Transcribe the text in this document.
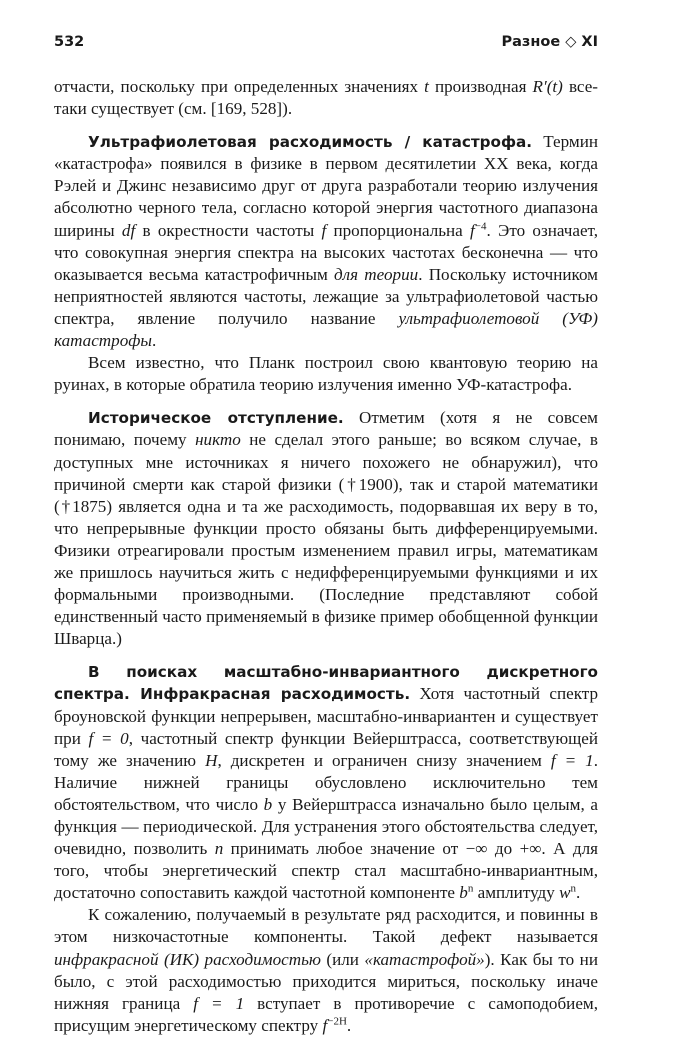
532	Разное ◇ XI

отчасти, поскольку при определенных значениях t производная R′(t) все-таки существует (см. [169, 528]).

Ультрафиолетовая расходимость / катастрофа. Термин «катастрофа» появился в физике в первом десятилетии XX века, когда Рэлей и Джинс независимо друг от друга разработали теорию излучения абсолютно черного тела, согласно которой энергия частотного диапазона ширины df в окрестности частоты f пропорциональна $f^{-4}$. Это означает, что совокупная энергия спектра на высоких частотах бесконечна — что оказывается весьма катастрофичным для теории. Поскольку источником неприятностей являются частоты, лежащие за ультрафиолетовой частью спектра, явление получило название ультрафиолетовой (УФ) катастрофы.

Всем известно, что Планк построил свою квантовую теорию на руинах, в которые обратила теорию излучения именно УФ-катастрофа.

Историческое отступление. Отметим (хотя я не совсем понимаю, почему никто не сделал этого раньше; во всяком случае, в доступных мне источниках я ничего похожего не обнаружил), что причиной смерти как старой физики (†1900), так и старой математики (†1875) является одна и та же расходимость, подорвавшая их веру в то, что непрерывные функции просто обязаны быть дифференцируемыми. Физики отреагировали простым изменением правил игры, математикам же пришлось научиться жить с недифференцируемыми функциями и их формальными производными. (Последние представляют собой единственный часто применяемый в физике пример обобщенной функции Шварца.)

В поисках масштабно-инвариантного дискретного спектра. Инфракрасная расходимость. Хотя частотный спектр броуновской функции непрерывен, масштабно-инвариантен и существует при f = 0, частотный спектр функции Вейерштрасса, соответствующей тому же значению H, дискретен и ограничен снизу значением f = 1. Наличие нижней границы обусловлено исключительно тем обстоятельством, что число b у Вейерштрасса изначально было целым, а функция — периодической. Для устранения этого обстоятельства следует, очевидно, позволить n принимать любое значение от −∞ до +∞. А для того, чтобы энергетический спектр стал масштабно-инвариантным, достаточно сопоставить каждой частотной компоненте $b^n$ амплитуду $w^n$.

К сожалению, получаемый в результате ряд расходится, и повинны в этом низкочастотные компоненты. Такой дефект называется инфракрасной (ИК) расходимостью (или «катастрофой»). Как бы то ни было, с этой расходимостью приходится мириться, поскольку иначе нижняя граница f = 1 вступает в противоречие с самоподобием, присущим энергетическому спектру $f^{-2H}$.
